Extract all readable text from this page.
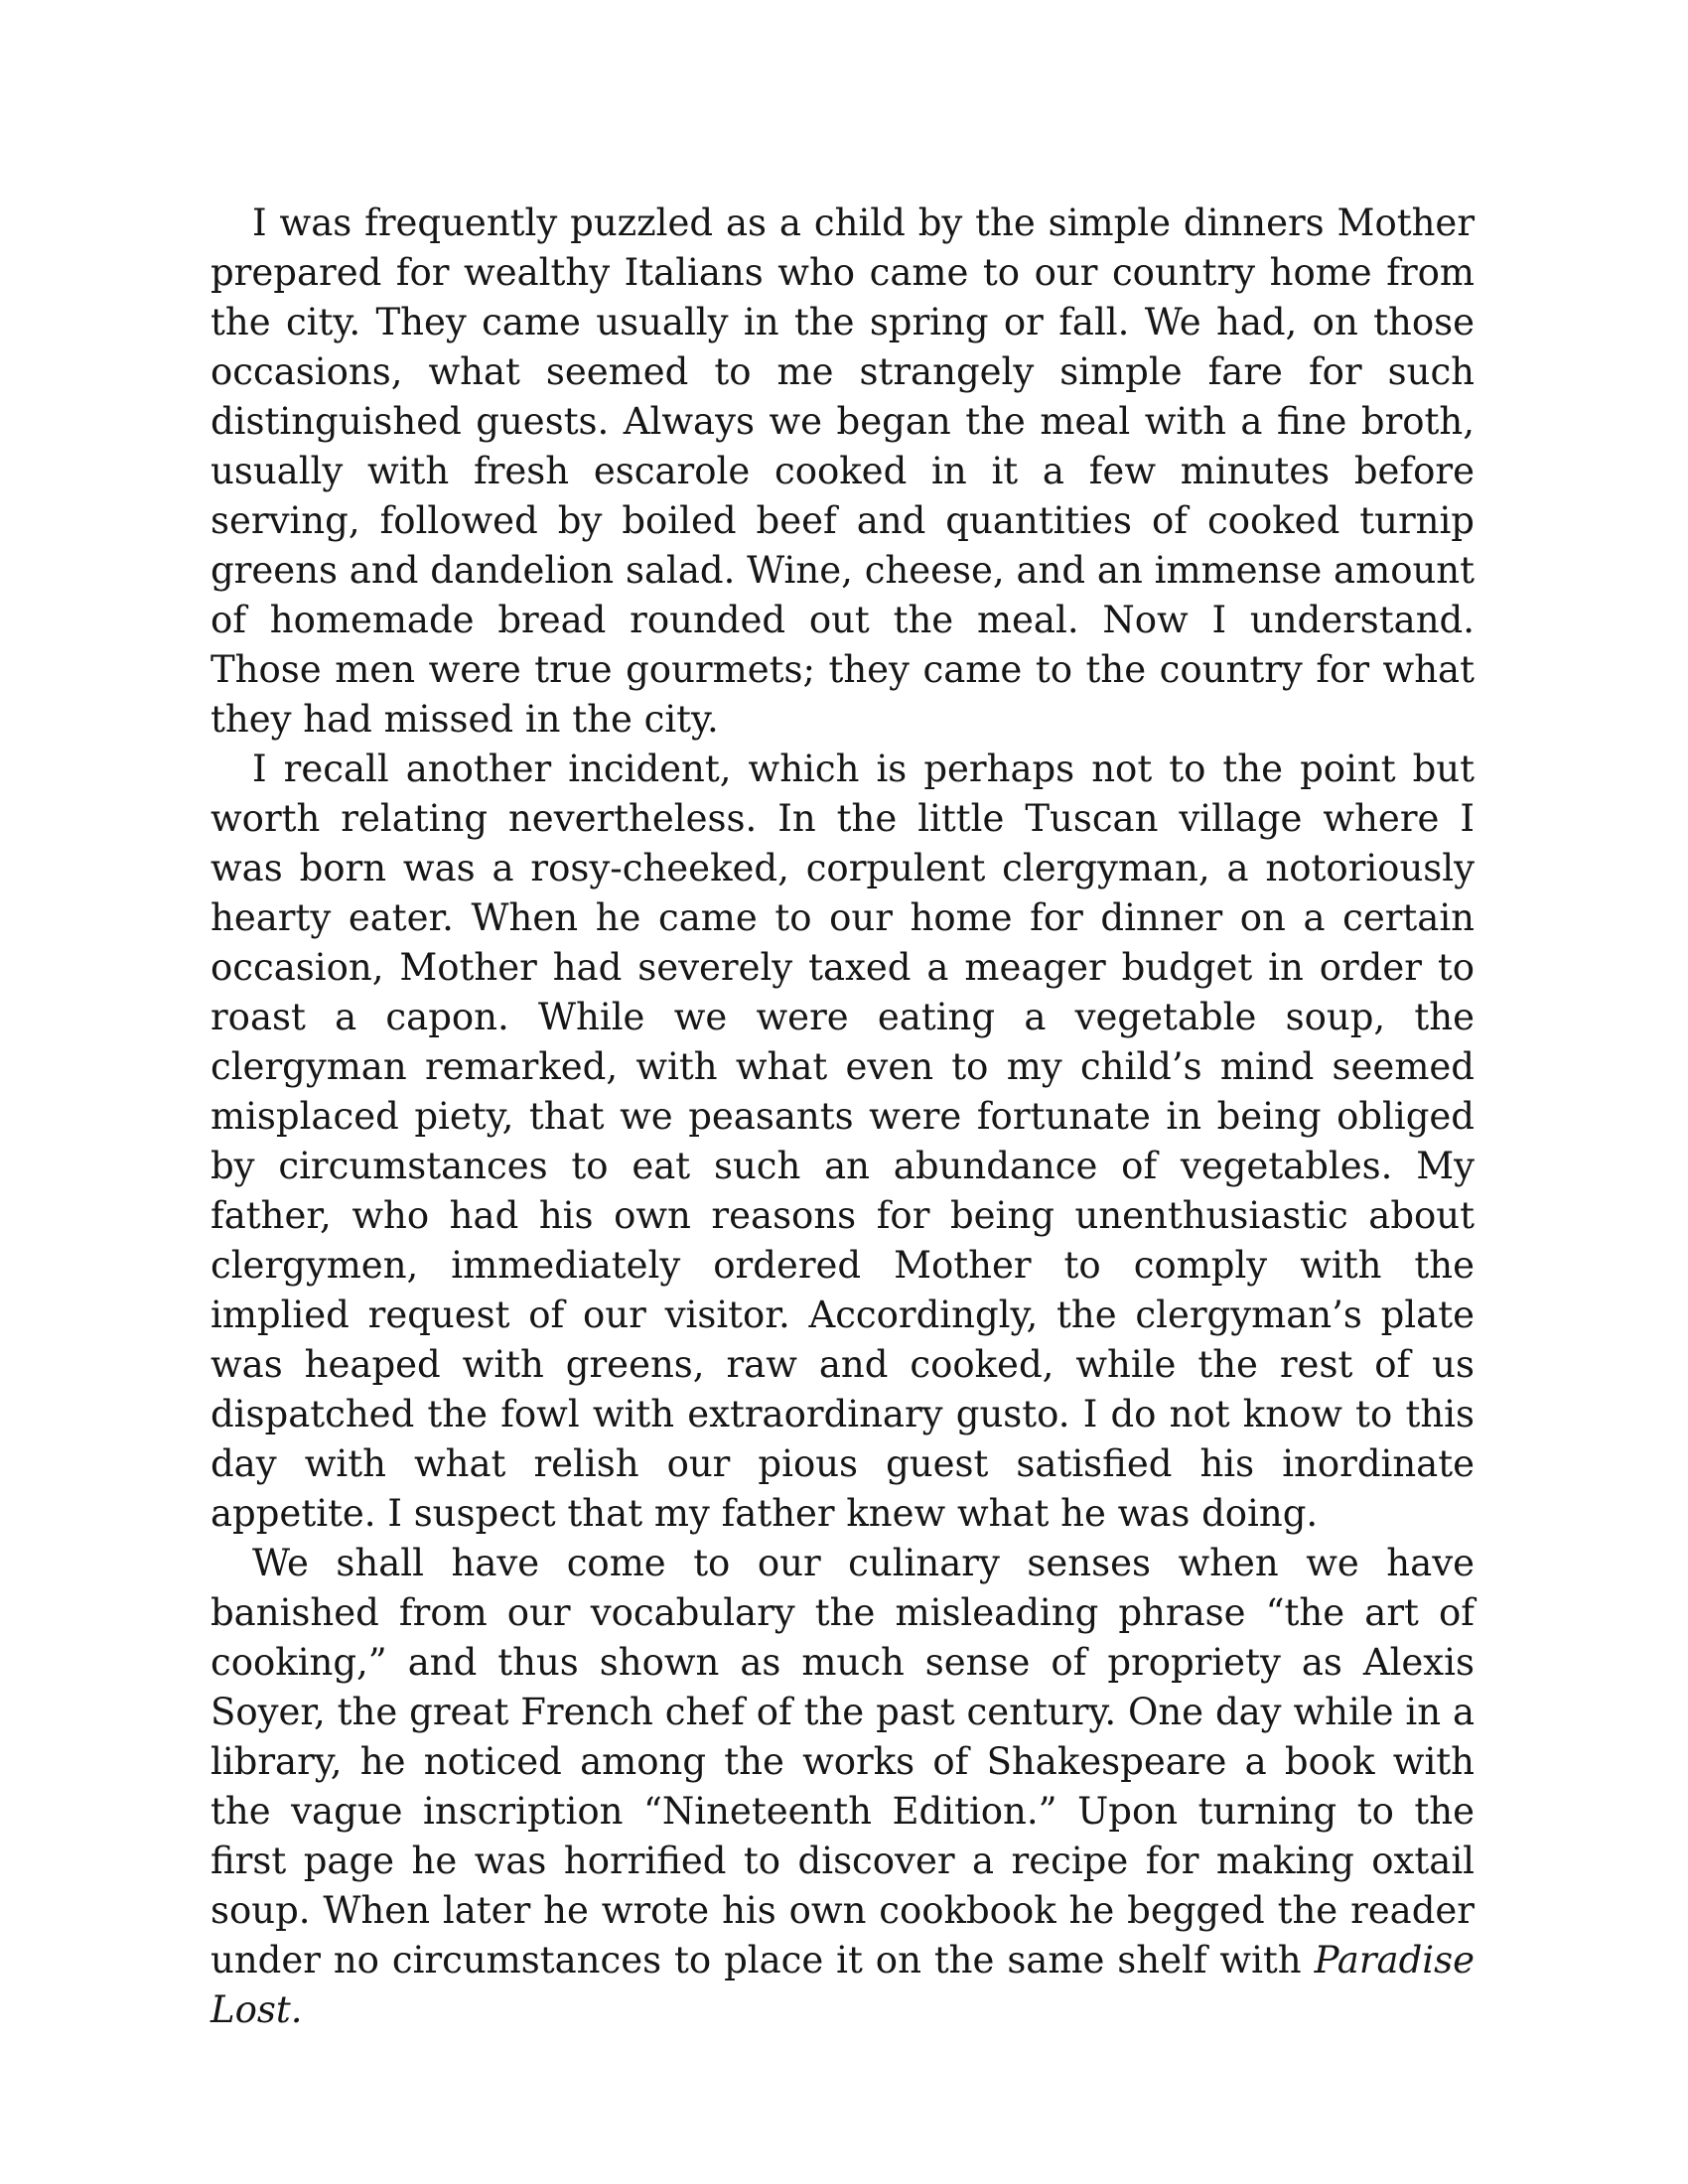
I was frequently puzzled as a child by the simple dinners Mother prepared for wealthy Italians who came to our country home from the city. They came usually in the spring or fall. We had, on those occasions, what seemed to me strangely simple fare for such distinguished guests. Always we began the meal with a fine broth, usually with fresh escarole cooked in it a few minutes before serving, followed by boiled beef and quantities of cooked turnip greens and dandelion salad. Wine, cheese, and an immense amount of homemade bread rounded out the meal. Now I understand. Those men were true gourmets; they came to the country for what they had missed in the city.

I recall another incident, which is perhaps not to the point but worth relating nevertheless. In the little Tuscan village where I was born was a rosy-cheeked, corpulent clergyman, a notoriously hearty eater. When he came to our home for dinner on a certain occasion, Mother had severely taxed a meager budget in order to roast a capon. While we were eating a vegetable soup, the clergyman remarked, with what even to my child’s mind seemed misplaced piety, that we peasants were fortunate in being obliged by circumstances to eat such an abundance of vegetables. My father, who had his own reasons for being unenthusiastic about clergymen, immediately ordered Mother to comply with the implied request of our visitor. Accordingly, the clergyman’s plate was heaped with greens, raw and cooked, while the rest of us dispatched the fowl with extraordinary gusto. I do not know to this day with what relish our pious guest satisfied his inordinate appetite. I suspect that my father knew what he was doing.

We shall have come to our culinary senses when we have banished from our vocabulary the misleading phrase “the art of cooking,” and thus shown as much sense of propriety as Alexis Soyer, the great French chef of the past century. One day while in a library, he noticed among the works of Shakespeare a book with the vague inscription “Nineteenth Edition.” Upon turning to the first page he was horrified to discover a recipe for making oxtail soup. When later he wrote his own cookbook he begged the reader under no circumstances to place it on the same shelf with Paradise Lost.
